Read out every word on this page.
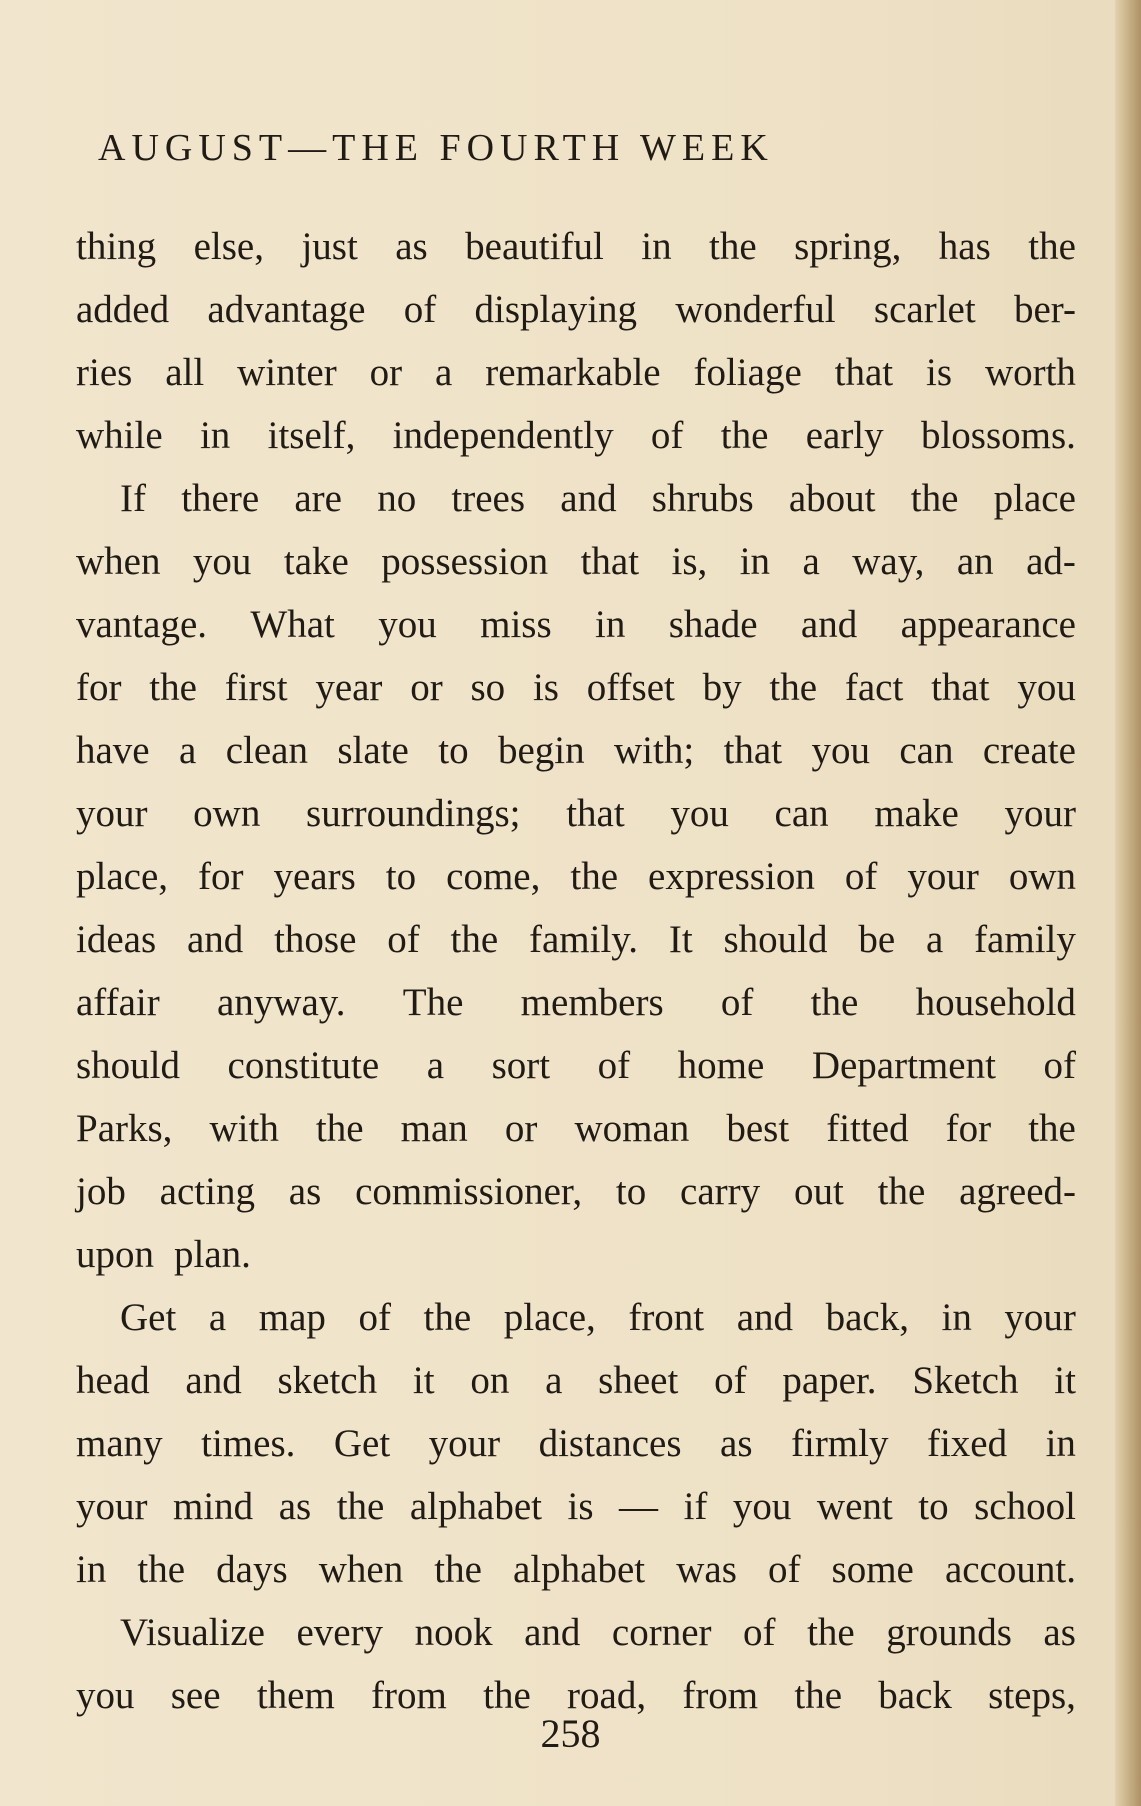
AUGUST—THE FOURTH WEEK
thing else, just as beautiful in the spring, has the
added advantage of displaying wonderful scarlet ber-
ries all winter or a remarkable foliage that is worth
while in itself, independently of the early blossoms.
If there are no trees and shrubs about the place
when you take possession that is, in a way, an ad-
vantage. What you miss in shade and appearance
for the first year or so is offset by the fact that you
have a clean slate to begin with; that you can create
your own surroundings; that you can make your
place, for years to come, the expression of your own
ideas and those of the family. It should be a family
affair anyway. The members of the household
should constitute a sort of home Department of
Parks, with the man or woman best fitted for the
job acting as commissioner, to carry out the agreed-
upon plan.
Get a map of the place, front and back, in your
head and sketch it on a sheet of paper. Sketch it
many times. Get your distances as firmly fixed in
your mind as the alphabet is — if you went to school
in the days when the alphabet was of some account.
Visualize every nook and corner of the grounds as
you see them from the road, from the back steps,
258
